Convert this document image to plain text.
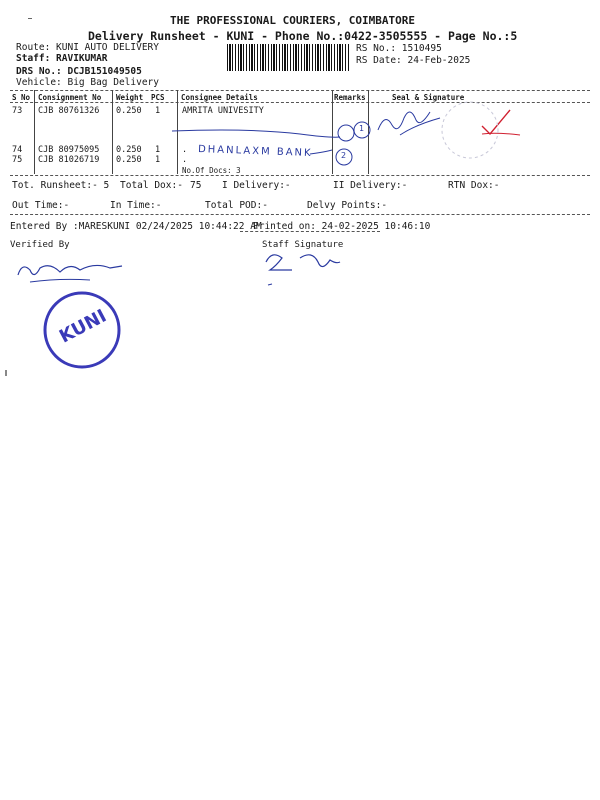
THE PROFESSIONAL COURIERS, COIMBATORE
Delivery Runsheet - KUNI - Phone No.:0422-3505555 - Page No.:5
Route: KUNI AUTO DELIVERY
Staff: RAVIKUMAR
DRS No.: DCJB151049505
Vehicle: Big Bag Delivery
RS No.: 1510495
RS Date: 24-Feb-2025
S No Consignment No Weight PCS Consignee Details	Remarks	Seal & Signature
73 CJB 80761326 0.250 1	AMRITA UNIVESITY
74 CJB 80975095 0.250 1	.
75 CJB 81026719 0.250 1	.
No.Of Docs: 3
Tot. Runsheet:- 5 Total Dox:- 75 I Delivery:-	II Delivery:-	RTN Dox:-
Out Time:-	In Time:-	Total POD:-	Delvy Points:-
Entered By :MARESKUNI 02/24/2025 10:44:22 AM
Printed on: 24-02-2025 10:46:10
Verified By	Staff Signature
DHANLAXM BANK
1
2
KUNI
